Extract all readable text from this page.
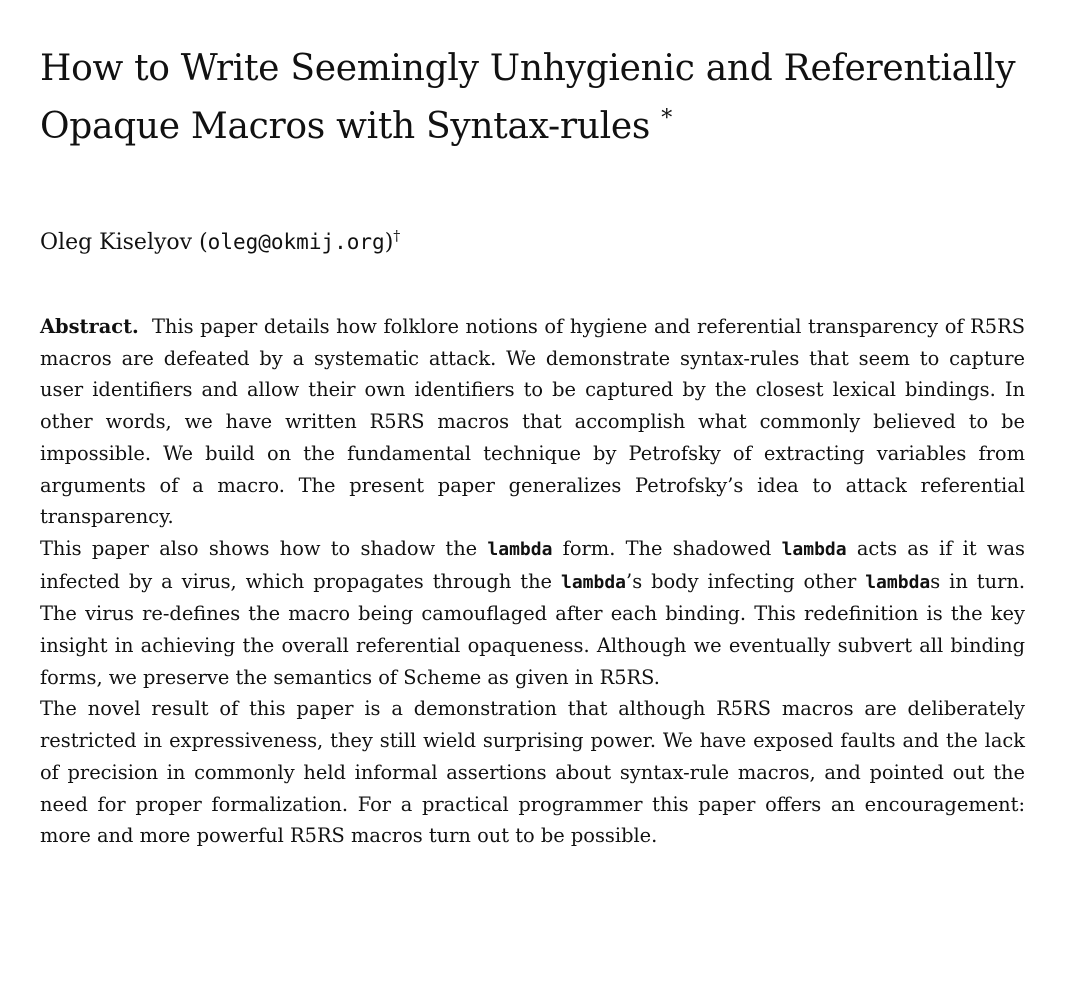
How to Write Seemingly Unhygienic and Referentially
Opaque Macros with Syntax-rules *
Oleg Kiselyov (oleg@okmij.org)†

Abstract. This paper details how folklore notions of hygiene and referential transparency of R5RS macros are defeated by a systematic attack. We demonstrate syntax-rules that seem to capture user identifiers and allow their own identifiers to be captured by the closest lexical bindings. In other words, we have written R5RS macros that accomplish what commonly believed to be impossible. We build on the fundamental technique by Petrofsky of extracting variables from arguments of a macro. The present paper generalizes Petrofsky’s idea to attack referential transparency.

This paper also shows how to shadow the lambda form. The shadowed lambda acts as if it was infected by a virus, which propagates through the lambda’s body infecting other lambdas in turn. The virus re-defines the macro being camouflaged after each binding. This redefinition is the key insight in achieving the overall referential opaqueness. Although we eventually subvert all binding forms, we preserve the semantics of Scheme as given in R5RS.

The novel result of this paper is a demonstration that although R5RS macros are deliberately restricted in expressiveness, they still wield surprising power. We have exposed faults and the lack of precision in commonly held informal assertions about syntax-rule macros, and pointed out the need for proper formalization. For a practical programmer this paper offers an encouragement: more and more powerful R5RS macros turn out to be possible.
